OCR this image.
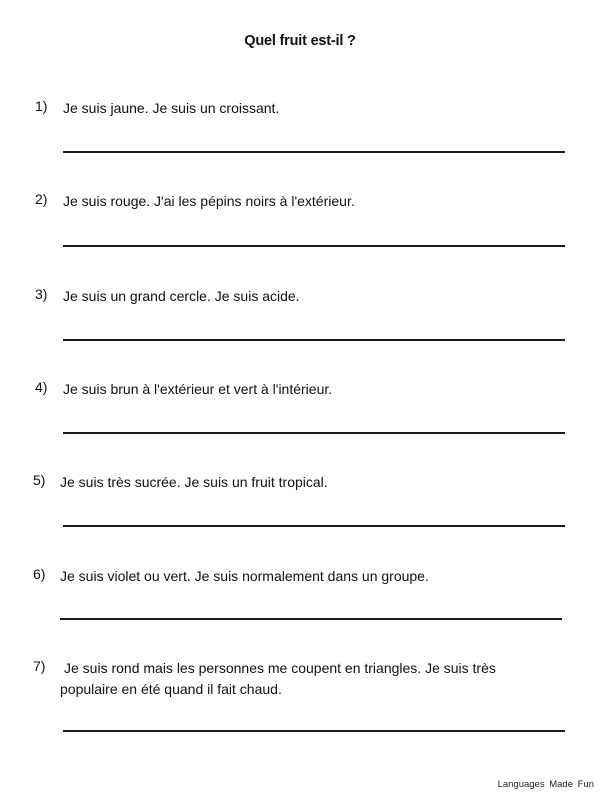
Quel fruit est-il ?
1) Je suis jaune. Je suis un croissant.
2) Je suis rouge. J'ai les pépins noirs à l'extérieur.
3) Je suis un grand cercle. Je suis acide.
4) Je suis brun à l'extérieur et vert à l'intérieur.
5) Je suis très sucrée. Je suis un fruit tropical.
6) Je suis violet ou vert. Je suis normalement dans un groupe.
7) Je suis rond mais les personnes me coupent en triangles. Je suis très populaire en été quand il fait chaud.
Languages Made Fun
